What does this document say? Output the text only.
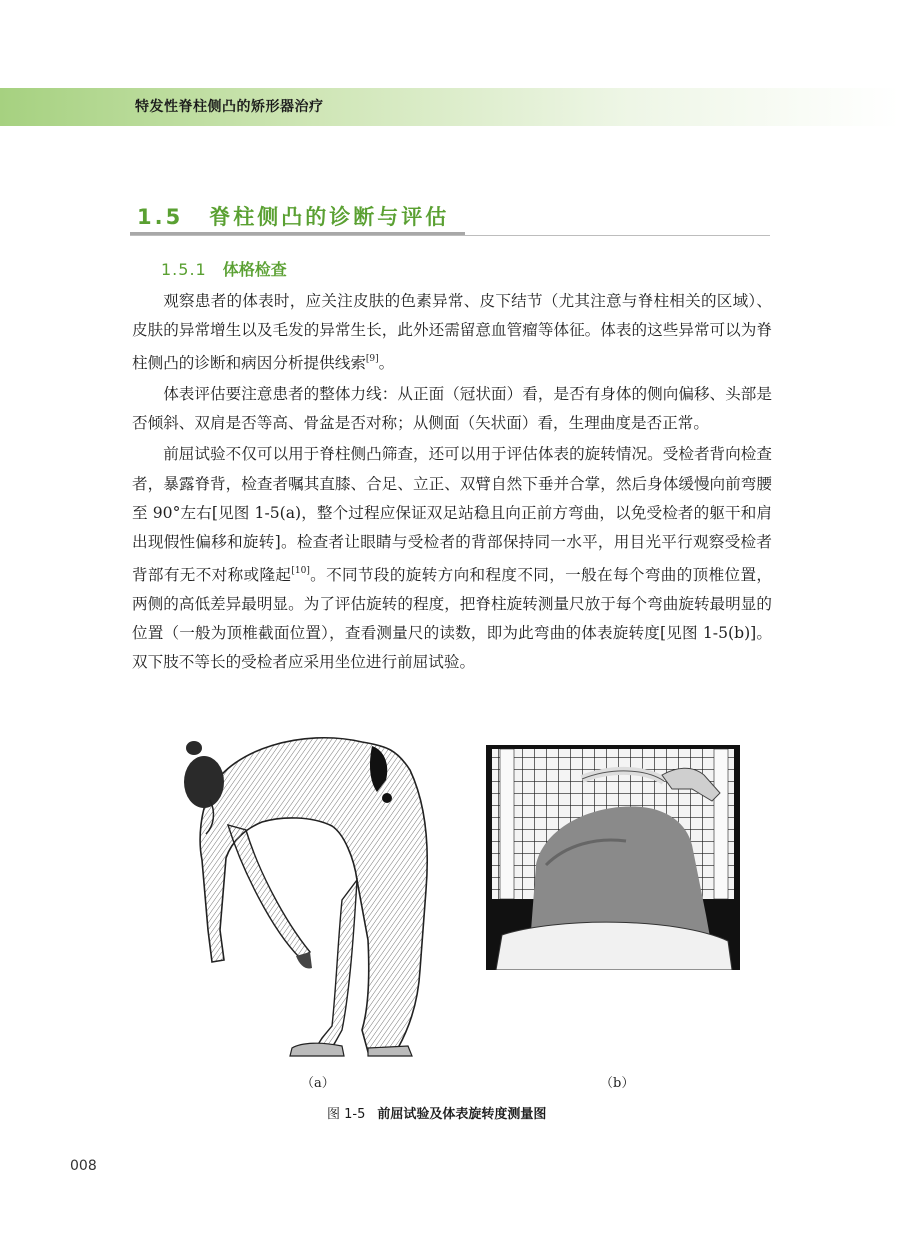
特发性脊柱侧凸的矫形器治疗
1.5 脊柱侧凸的诊断与评估
1.5.1 体格检查

观察患者的体表时，应关注皮肤的色素异常、皮下结节（尤其注意与脊柱相关的区域）、皮肤的异常增生以及毛发的异常生长，此外还需留意血管瘤等体征。体表的这些异常可以为脊柱侧凸的诊断和病因分析提供线索[9]。

体表评估要注意患者的整体力线：从正面（冠状面）看，是否有身体的侧向偏移、头部是否倾斜、双肩是否等高、骨盆是否对称；从侧面（矢状面）看，生理曲度是否正常。

前屈试验不仅可以用于脊柱侧凸筛查，还可以用于评估体表的旋转情况。受检者背向检查者，暴露脊背，检查者嘱其直膝、合足、立正、双臂自然下垂并合掌，然后身体缓慢向前弯腰至 90°左右[见图 1-5(a)，整个过程应保证双足站稳且向正前方弯曲，以免受检者的躯干和肩出现假性偏移和旋转]。检查者让眼睛与受检者的背部保持同一水平，用目光平行观察受检者背部有无不对称或隆起[10]。不同节段的旋转方向和程度不同，一般在每个弯曲的顶椎位置，两侧的高低差异最明显。为了评估旋转的程度，把脊柱旋转测量尺放于每个弯曲旋转最明显的位置（一般为顶椎截面位置），查看测量尺的读数，即为此弯曲的体表旋转度[见图 1-5(b)]。双下肢不等长的受检者应采用坐位进行前屈试验。

（a）	（b）
图 1-5 前屈试验及体表旋转度测量图
008
